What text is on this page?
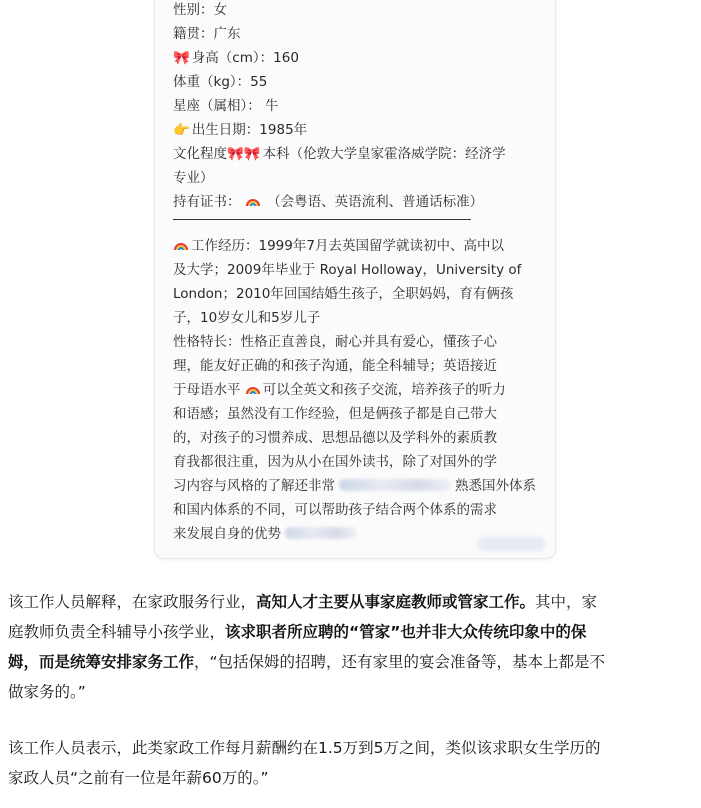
性别：女
籍贯：广东
🎀 身高（cm）：160
体重（kg）：55
星座（属相）： 牛
👉 出生日期：1985年
文化程度🎀🎀 本科（伦敦大学皇家霍洛威学院：经济学
专业）
持有证书： （会粤语、英语流利、普通话标准）
工作经历：1999年7月去英国留学就读初中、高中以
及大学；2009年毕业于 Royal Holloway，University of
London；2010年回国结婚生孩子，全职妈妈，育有俩孩
子，10岁女儿和5岁儿子
性格特长：性格正直善良，耐心并具有爱心，懂孩子心
理，能友好正确的和孩子沟通，能全科辅导；英语接近
于母语水平 可以全英文和孩子交流，培养孩子的听力
和语感；虽然没有工作经验，但是俩孩子都是自己带大
的，对孩子的习惯养成、思想品德以及学科外的素质教
育我都很注重，因为从小在国外读书，除了对国外的学
习内容与风格的了解还非常	熟悉国外体系
和国内体系的不同，可以帮助孩子结合两个体系的需求
来发展自身的优势
该工作人员解释，在家政服务行业，高知人才主要从事家庭教师或管家工作。其中，家
庭教师负责全科辅导小孩学业，该求职者所应聘的“管家”也并非大众传统印象中的保
姆，而是统筹安排家务工作，“包括保姆的招聘，还有家里的宴会准备等，基本上都是不
做家务的。”
该工作人员表示，此类家政工作每月薪酬约在1.5万到5万之间，类似该求职女生学历的
家政人员“之前有一位是年薪60万的。”
